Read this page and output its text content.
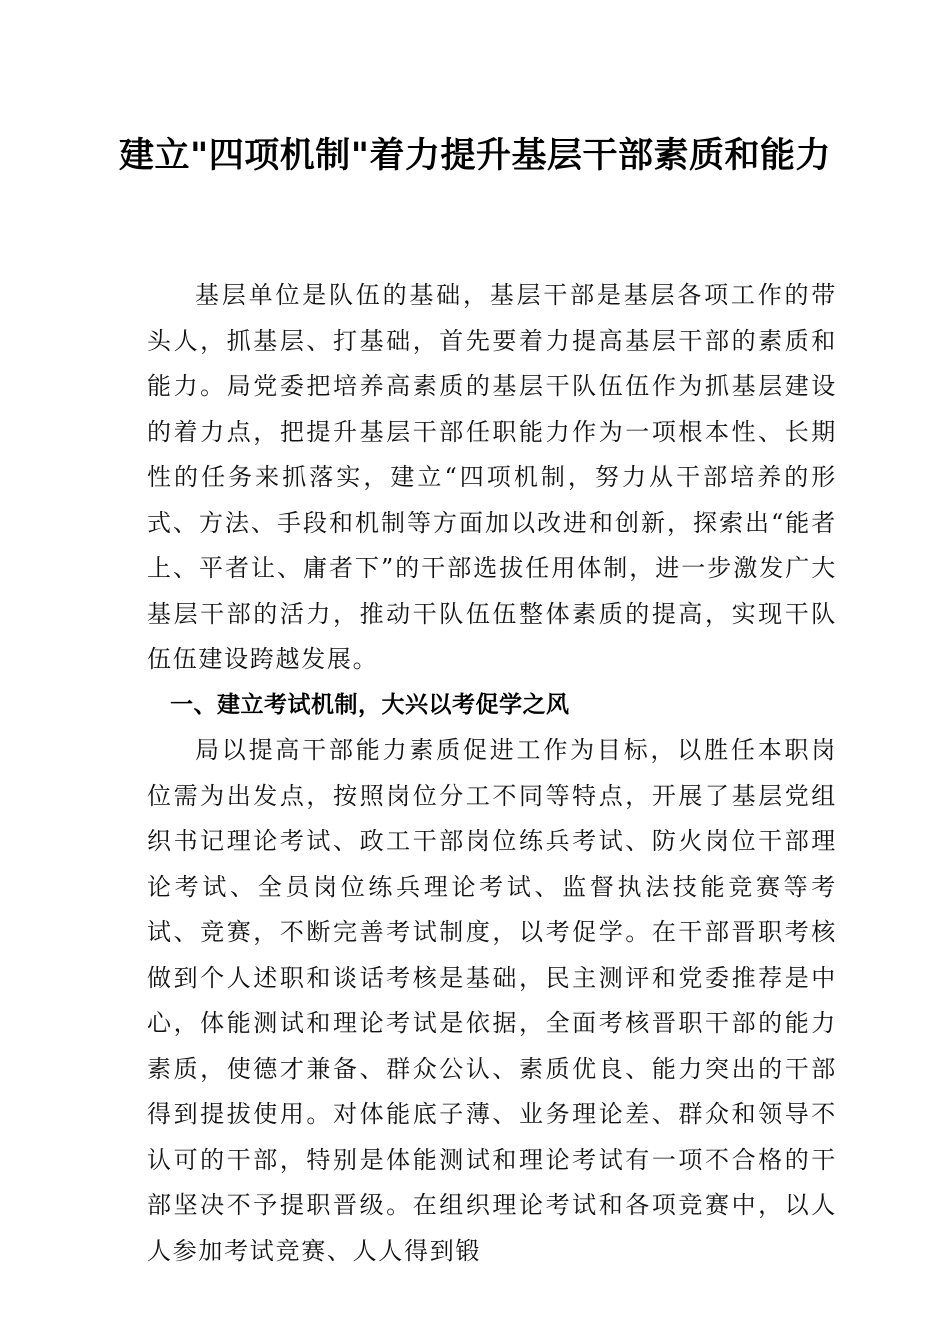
建立"四项机制"着力提升基层干部素质和能力

基层单位是队伍的基础，基层干部是基层各项工作的带头人，抓基层、打基础，首先要着力提高基层干部的素质和能力。局党委把培养高素质的基层干队伍伍作为抓基层建设的着力点，把提升基层干部任职能力作为一项根本性、长期性的任务来抓落实，建立“四项机制，努力从干部培养的形式、方法、手段和机制等方面加以改进和创新，探索出“能者上、平者让、庸者下”的干部选拔任用体制，进一步激发广大基层干部的活力，推动干队伍伍整体素质的提高，实现干队伍伍建设跨越发展。

一、建立考试机制，大兴以考促学之风

局以提高干部能力素质促进工作为目标，以胜任本职岗位需为出发点，按照岗位分工不同等特点，开展了基层党组织书记理论考试、政工干部岗位练兵考试、防火岗位干部理论考试、全员岗位练兵理论考试、监督执法技能竞赛等考试、竞赛，不断完善考试制度，以考促学。在干部晋职考核做到个人述职和谈话考核是基础，民主测评和党委推荐是中心，体能测试和理论考试是依据，全面考核晋职干部的能力素质，使德才兼备、群众公认、素质优良、能力突出的干部得到提拔使用。对体能底子薄、业务理论差、群众和领导不认可的干部，特别是体能测试和理论考试有一项不合格的干部坚决不予提职晋级。在组织理论考试和各项竞赛中，以人人参加考试竞赛、人人得到锻
